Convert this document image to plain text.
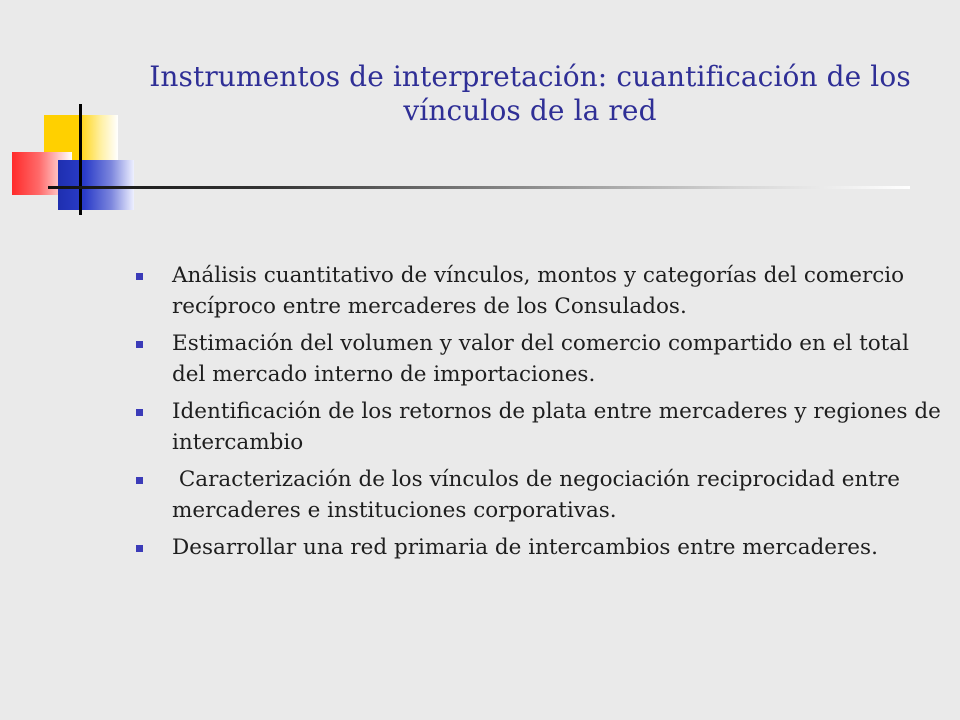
Instrumentos de interpretación: cuantificación de los vínculos de la red
Análisis cuantitativo de vínculos, montos y categorías del comercio recíproco entre mercaderes de los Consulados.
Estimación del volumen y valor del comercio compartido en el total del mercado interno de importaciones.
Identificación de los retornos de plata entre mercaderes y regiones de intercambio
Caracterización de los vínculos de negociación reciprocidad entre mercaderes e instituciones corporativas.
Desarrollar una red primaria de intercambios entre mercaderes.
